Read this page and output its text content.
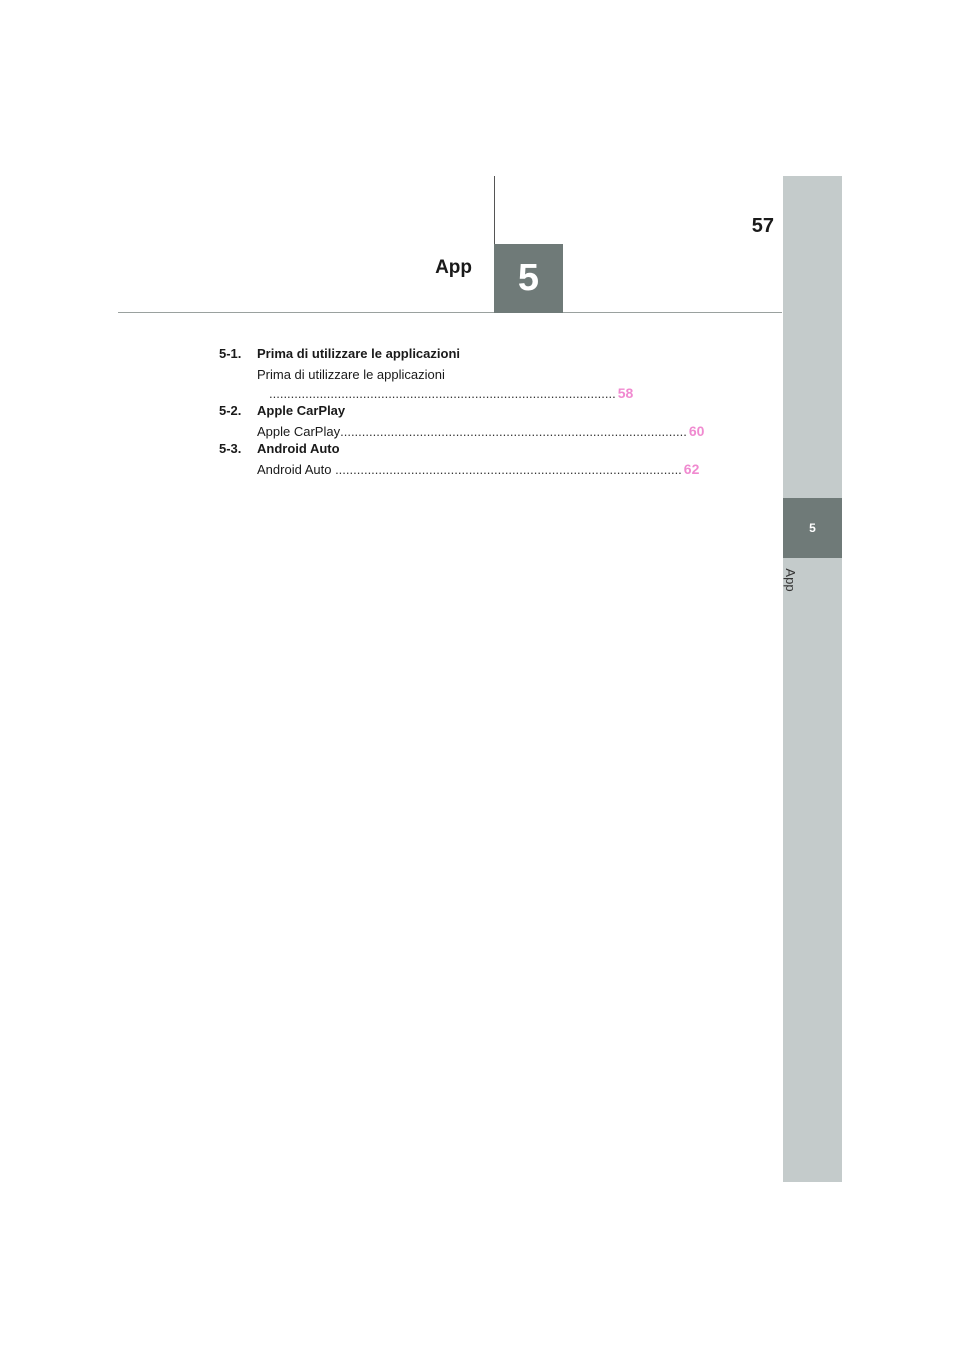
5
App
57
5
App
5-1.	Prima di utilizzare le applicazioni
Prima di utilizzare le applicazioni
................................................................................................ 58
5-2.	Apple CarPlay
Apple CarPlay ................................................................................................ 60
5-3.	Android Auto
Android Auto ................................................................................................ 62
